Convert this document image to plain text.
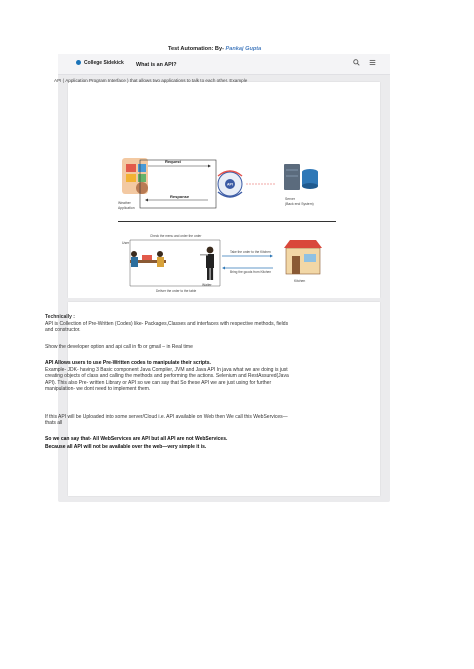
College Sidekick
Test Automation: By- Pankaj Gupta
What is an API?
API ( Application Program Interface ) that allows two applications to talk to each other. Example
Weather
Application
Request
Response
API
Server
(Back end System)
Check the menu and order the order
User
Waiter
Take the order to the Kitchen
Bring the goods from Kitchen
Kitchen
Deliver the order to the table
Technically :
API is Collection of Pre-Written (Codes) like- Packages,Classes and interfaces with respective methods, fields and constructor.
Show the developer option and api call in fb or gmail – in Real time
API Allows users to use Pre-Written codes to manipulate their scripts.
Example- JDK- having 3 Basic component Java Compiler, JVM and Java API In java what we are doing is just creating objects of class and calling the methods and performing the actions. Selenium and RestAssured(Java API). This also Pre- written Library or API so we can say that So these API we are just using for further manipulation- we dont need to implement them.
If this API will be Uploaded into some server/Cloud i.e. API available on Web then We call this WebServices—thats all
So we can say that- All WebServices are API but all API are not WebServices.
Because all API will not be available over the web—very simple it is.
